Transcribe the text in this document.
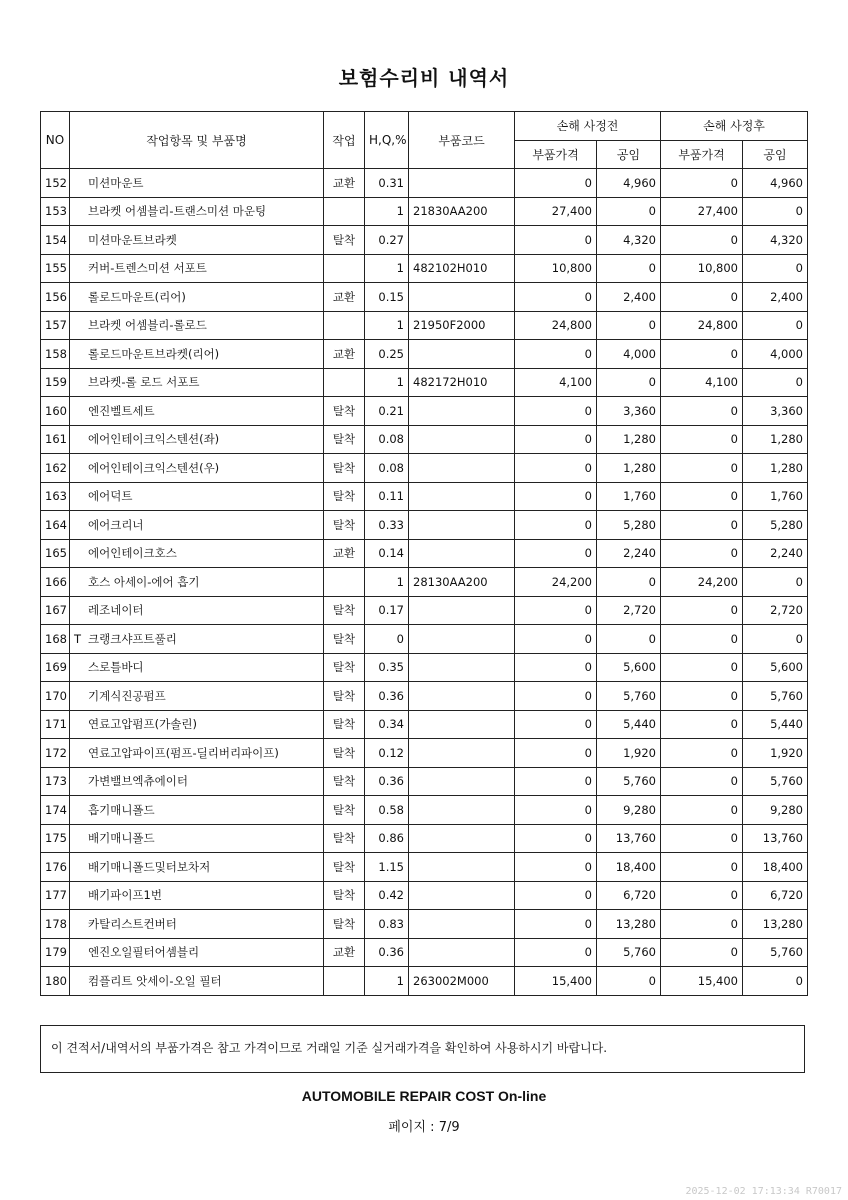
보험수리비 내역서
NO	작업항목 및 부품명	작업	H,Q,%	부품코드	손해 사정전		손해 사정후	
					부품가격	공임	부품가격	공임
152	미션마운트	교환	0.31		0	4,960	0	4,960
153	브라켓 어셈블리-트랜스미션 마운팅		1	21830AA200	27,400	0	27,400	0
154	미션마운트브라켓	탈착	0.27		0	4,320	0	4,320
155	커버-트렌스미션 서포트		1	482102H010	10,800	0	10,800	0
156	롤로드마운트(리어)	교환	0.15		0	2,400	0	2,400
157	브라켓 어셈블리-롤로드		1	21950F2000	24,800	0	24,800	0
158	롤로드마운트브라켓(리어)	교환	0.25		0	4,000	0	4,000
159	브라켓-롤 로드 서포트		1	482172H010	4,100	0	4,100	0
160	엔진벨트세트	탈착	0.21		0	3,360	0	3,360
161	에어인테이크익스텐션(좌)	탈착	0.08		0	1,280	0	1,280
162	에어인테이크익스텐션(우)	탈착	0.08		0	1,280	0	1,280
163	에어덕트	탈착	0.11		0	1,760	0	1,760
164	에어크리너	탈착	0.33		0	5,280	0	5,280
165	에어인테이크호스	교환	0.14		0	2,240	0	2,240
166	호스 아세이-에어 흡기		1	28130AA200	24,200	0	24,200	0
167	레조네이터	탈착	0.17		0	2,720	0	2,720
168	T 크랭크샤프트풀리	탈착	0		0	0	0	0
169	스로틀바디	탈착	0.35		0	5,600	0	5,600
170	기계식진공펌프	탈착	0.36		0	5,760	0	5,760
171	연료고압펌프(가솔린)	탈착	0.34		0	5,440	0	5,440
172	연료고압파이프(펌프-딜리버리파이프)	탈착	0.12		0	1,920	0	1,920
173	가변밸브엑츄에이터	탈착	0.36		0	5,760	0	5,760
174	흡기매니폴드	탈착	0.58		0	9,280	0	9,280
175	배기매니폴드	탈착	0.86		0	13,760	0	13,760
176	배기매니폴드및터보차저	탈착	1.15		0	18,400	0	18,400
177	배기파이프1번	탈착	0.42		0	6,720	0	6,720
178	카탈리스트컨버터	탈착	0.83		0	13,280	0	13,280
179	엔진오일필터어셈블리	교환	0.36		0	5,760	0	5,760
180	컴플리트 앗세이-오일 필터		1	263002M000	15,400	0	15,400	0
이 견적서/내역서의 부품가격은 참고 가격이므로 거래일 기준 실거래가격을 확인하여 사용하시기 바랍니다.
AUTOMOBILE REPAIR COST On-line
페이지 : 7/9
2025-12-02 17:13:34 R70017
